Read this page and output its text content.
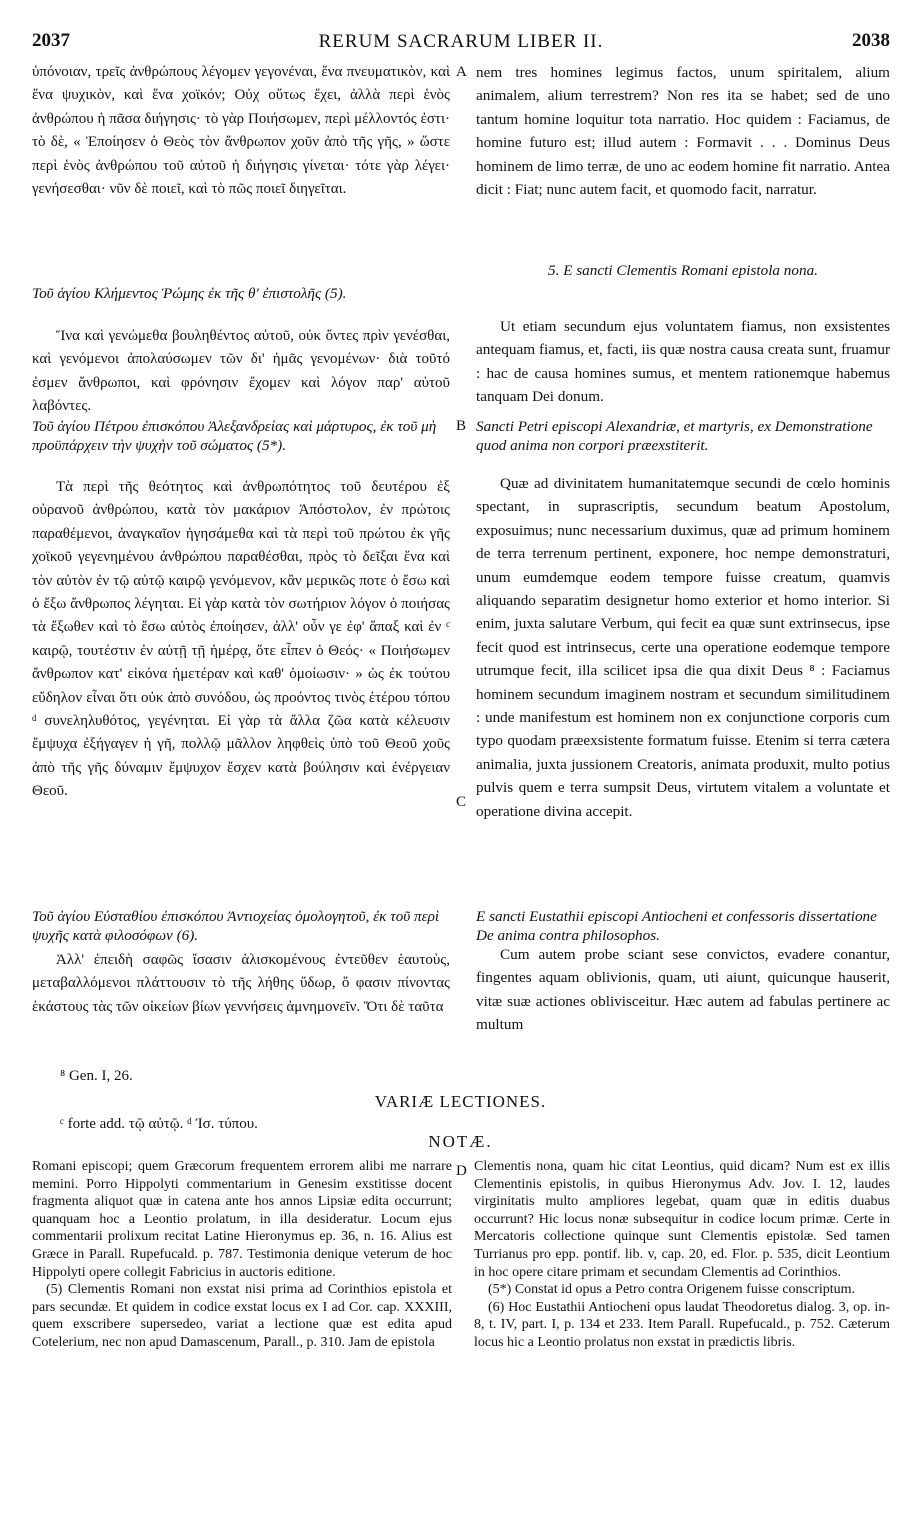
2037	RERUM SACRARUM LIBER II.	2038
A
B
C
D

ὑπόνοιαν, τρεῖς ἀνθρώπους λέγομεν γεγονέναι, ἕνα πνευματικὸν, καὶ ἕνα ψυχικὸν, καὶ ἕνα χοϊκόν; Οὐχ οὕτως ἔχει, ἀλλὰ περὶ ἑνὸς ἀνθρώπου ἡ πᾶσα διήγησις· τὸ γὰρ Ποιήσωμεν, περὶ μέλλοντός ἐστι· τὸ δὲ, « Ἐποίησεν ὁ Θεὸς τὸν ἄνθρωπον χοῦν ἀπὸ τῆς γῆς, » ὥστε περὶ ἑνὸς ἀνθρώπου τοῦ αὐτοῦ ἡ διήγησις γίνεται· τότε γὰρ λέγει· γενήσεσθαι· νῦν δὲ ποιεῖ, καὶ τὸ πῶς ποιεῖ διηγεῖται.

Τοῦ ἁγίου Κλήμεντος Ῥώμης ἐκ τῆς θ' ἐπιστολῆς (5).

Ἵνα καὶ γενώμεθα βουληθέντος αὐτοῦ, οὐκ ὄντες πρὶν γενέσθαι, καὶ γενόμενοι ἀπολαύσωμεν τῶν δι' ἡμᾶς γενομένων· διὰ τοῦτό ἐσμεν ἄνθρωποι, καὶ φρόνησιν ἔχομεν καὶ λόγον παρ' αὐτοῦ λαβόντες.

Τοῦ ἁγίου Πέτρου ἐπισκόπου Ἀλεξανδρείας καὶ μάρτυρος, ἐκ τοῦ μὴ προϋπάρχειν τὴν ψυχὴν τοῦ σώματος (5*).

Τὰ περὶ τῆς θεότητος καὶ ἀνθρωπότητος τοῦ δευτέρου ἐξ οὐρανοῦ ἀνθρώπου, κατὰ τὸν μακάριον Ἀπόστολον, ἐν πρώτοις παραθέμενοι, ἀναγκαῖον ἡγησάμεθα καὶ τὰ περὶ τοῦ πρώτου ἐκ γῆς χοϊκοῦ γεγενημένου ἀνθρώπου παραθέσθαι, πρὸς τὸ δεῖξαι ἕνα καὶ τὸν αὐτὸν ἐν τῷ αὐτῷ καιρῷ γενόμενον, κἂν μερικῶς ποτε ὁ ἔσω καὶ ὁ ἔξω ἄνθρωπος λέγηται. Εἰ γὰρ κατὰ τὸν σωτήριον λόγον ὁ ποιήσας τὰ ἔξωθεν καὶ τὸ ἔσω αὐτὸς ἐποίησεν, ἀλλ' οὖν γε ἐφ' ἅπαξ καὶ ἐν ᶜ καιρῷ, τουτέστιν ἐν αὐτῇ τῇ ἡμέρᾳ, ὅτε εἶπεν ὁ Θεός· « Ποιήσωμεν ἄνθρωπον κατ' εἰκόνα ἡμετέραν καὶ καθ' ὁμοίωσιν· » ὡς ἐκ τούτου εὔδηλον εἶναι ὅτι οὐκ ἀπὸ συνόδου, ὡς προόντος τινὸς ἑτέρου τόπου ᵈ συνεληλυθότος, γεγένηται. Εἰ γὰρ τὰ ἄλλα ζῶα κατὰ κέλευσιν ἔμψυχα ἐξήγαγεν ἡ γῆ, πολλῷ μᾶλλον ληφθεὶς ὑπὸ τοῦ Θεοῦ χοῦς ἀπὸ τῆς γῆς δύναμιν ἔμψυχον ἔσχεν κατὰ βούλησιν καὶ ἐνέργειαν Θεοῦ.

Τοῦ ἁγίου Εὐσταθίου ἐπισκόπου Ἀντιοχείας ὁμολογητοῦ, ἐκ τοῦ περὶ ψυχῆς κατὰ φιλοσόφων (6).

Ἀλλ' ἐπειδὴ σαφῶς ἴσασιν ἁλισκομένους ἐντεῦθεν ἑαυτοὺς, μεταβαλλόμενοι πλάττουσιν τὸ τῆς λήθης ὕδωρ, ὅ φασιν πίνοντας ἑκάστους τὰς τῶν οἰκείων βίων γεννήσεις ἀμνημονεῖν. Ὅτι δὲ ταῦτα

nem tres homines legimus factos, unum spiritalem, alium animalem, alium terrestrem? Non res ita se habet; sed de uno tantum homine loquitur tota narratio. Hoc quidem : Faciamus, de homine futuro est; illud autem : Formavit . . . Dominus Deus hominem de limo terræ, de uno ac eodem homine fit narratio. Antea dicit : Fiat; nunc autem facit, et quomodo facit, narratur.

5. E sancti Clementis Romani epistola nona.

Ut etiam secundum ejus voluntatem fiamus, non exsistentes antequam fiamus, et, facti, iis quæ nostra causa creata sunt, fruamur : hac de causa homines sumus, et mentem rationemque habemus tanquam Dei donum.

Sancti Petri episcopi Alexandriæ, et martyris, ex Demonstratione quod anima non corpori præexstiterit.

Quæ ad divinitatem humanitatemque secundi de cœlo hominis spectant, in suprascriptis, secundum beatum Apostolum, exposuimus; nunc necessarium duximus, quæ ad primum hominem de terra terrenum pertinent, exponere, hoc nempe demonstraturi, unum eumdemque eodem tempore fuisse creatum, quamvis aliquando separatim designetur homo exterior et homo interior. Si enim, juxta salutare Verbum, qui fecit ea quæ sunt extrinsecus, ipse fecit quod est intrinsecus, certe una operatione eodemque tempore utrumque fecit, illa scilicet ipsa die qua dixit Deus ⁸ : Faciamus hominem secundum imaginem nostram et secundum similitudinem : unde manifestum est hominem non ex conjunctione corporis cum typo quodam præexsistente formatum fuisse. Etenim si terra cætera animalia, juxta jussionem Creatoris, animata produxit, multo potius pulvis quem e terra sumpsit Deus, virtutem vitalem a voluntate et operatione divina accepit.

E sancti Eustathii episcopi Antiocheni et confessoris dissertatione De anima contra philosophos.

Cum autem probe sciant sese convictos, evadere conantur, fingentes aquam oblivionis, quam, uti aiunt, quicunque hauserit, vitæ suæ actiones oblivisceitur. Hæc autem ad fabulas pertinere ac multum

⁸ Gen. I, 26.
VARIÆ LECTIONES.
ᶜ forte add. τῷ αὐτῷ. ᵈ Ἰσ. τύπου.
NOTÆ.

Romani episcopi; quem Græcorum frequentem errorem alibi me narrare memini. Porro Hippolyti commentarium in Genesim exstitisse docent fragmenta aliquot quæ in catena ante hos annos Lipsiæ edita occurrunt; quanquam hoc a Leontio prolatum, in illa desideratur. Locum ejus commentarii prolixum recitat Latine Hieronymus ep. 36, n. 16. Alius est Græce in Parall. Rupefucald. p. 787. Testimonia denique veterum de hoc Hippolyti opere collegit Fabricius in auctoris editione.

(5) Clementis Romani non exstat nisi prima ad Corinthios epistola et pars secundæ. Et quidem in codice exstat locus ex I ad Cor. cap. XXXIII, quem exscribere supersedeo, variat a lectione quæ est edita apud Cotelerium, nec non apud Damascenum, Parall., p. 310. Jam de epistola

Clementis nona, quam hic citat Leontius, quid dicam? Num est ex illis Clementinis epistolis, in quibus Hieronymus Adv. Jov. I. 12, laudes virginitatis multo ampliores legebat, quam quæ in editis duabus occurrunt? Hic locus nonæ subsequitur in codice locum primæ. Certe in Mercatoris collectione quinque sunt Clementis epistolæ. Sed tamen Turrianus pro epp. pontif. lib. v, cap. 20, ed. Flor. p. 535, dicit Leontium in hoc opere citare primam et secundam Clementis ad Corinthios.

(5*) Constat id opus a Petro contra Origenem fuisse conscriptum.

(6) Hoc Eustathii Antiocheni opus laudat Theodoretus dialog. 3, op. in-8, t. IV, part. I, p. 134 et 233. Item Parall. Rupefucald., p. 752. Cæterum locus hic a Leontio prolatus non exstat in prædictis libris.
